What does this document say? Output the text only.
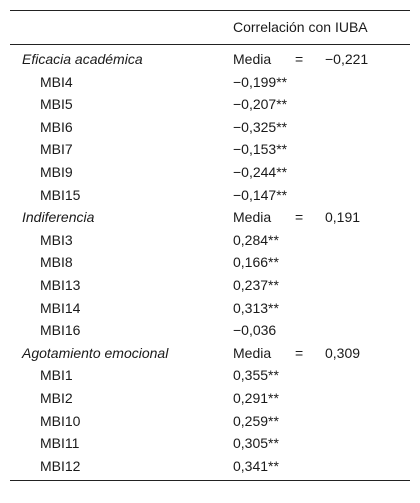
Correlación con IUBA
Eficacia académica	Media = −0,221
MBI4	−0,199**
MBI5	−0,207**
MBI6	−0,325**
MBI7	−0,153**
MBI9	−0,244**
MBI15	−0,147**
Indiferencia	Media = 0,191
MBI3	0,284**
MBI8	0,166**
MBI13	0,237**
MBI14	0,313**
MBI16	−0,036
Agotamiento emocional	Media = 0,309
MBI1	0,355**
MBI2	0,291**
MBI10	0,259**
MBI11	0,305**
MBI12	0,341**
